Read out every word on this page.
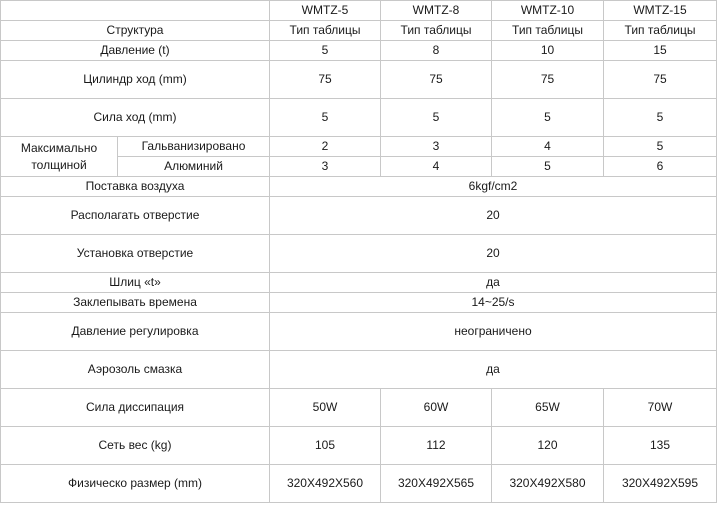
		WMTZ-5	WMTZ-8	WMTZ-10	WMTZ-15
Структура		Тип таблицы	Тип таблицы	Тип таблицы	Тип таблицы
Давление (t)		5	8	10	15
Цилиндр ход (mm)		75	75	75	75
Сила ход (mm)		5	5	5	5
Максимально толщиной	Гальванизировано	2	3	4	5
	Алюминий	3	4	5	6
Поставка воздуха		6kgf/cm2			
Располагать отверстие		20			
Установка отверстие		20			
Шлиц «t»		да			
Заклепывать времена		14~25/s			
Давление регулировка		неограничено			
Аэрозоль смазка		да			
Сила диссипация		50W	60W	65W	70W
Сеть вес (kg)		105	112	120	135
Физическо размер (mm)		320X492X560	320X492X565	320X492X580	320X492X595
